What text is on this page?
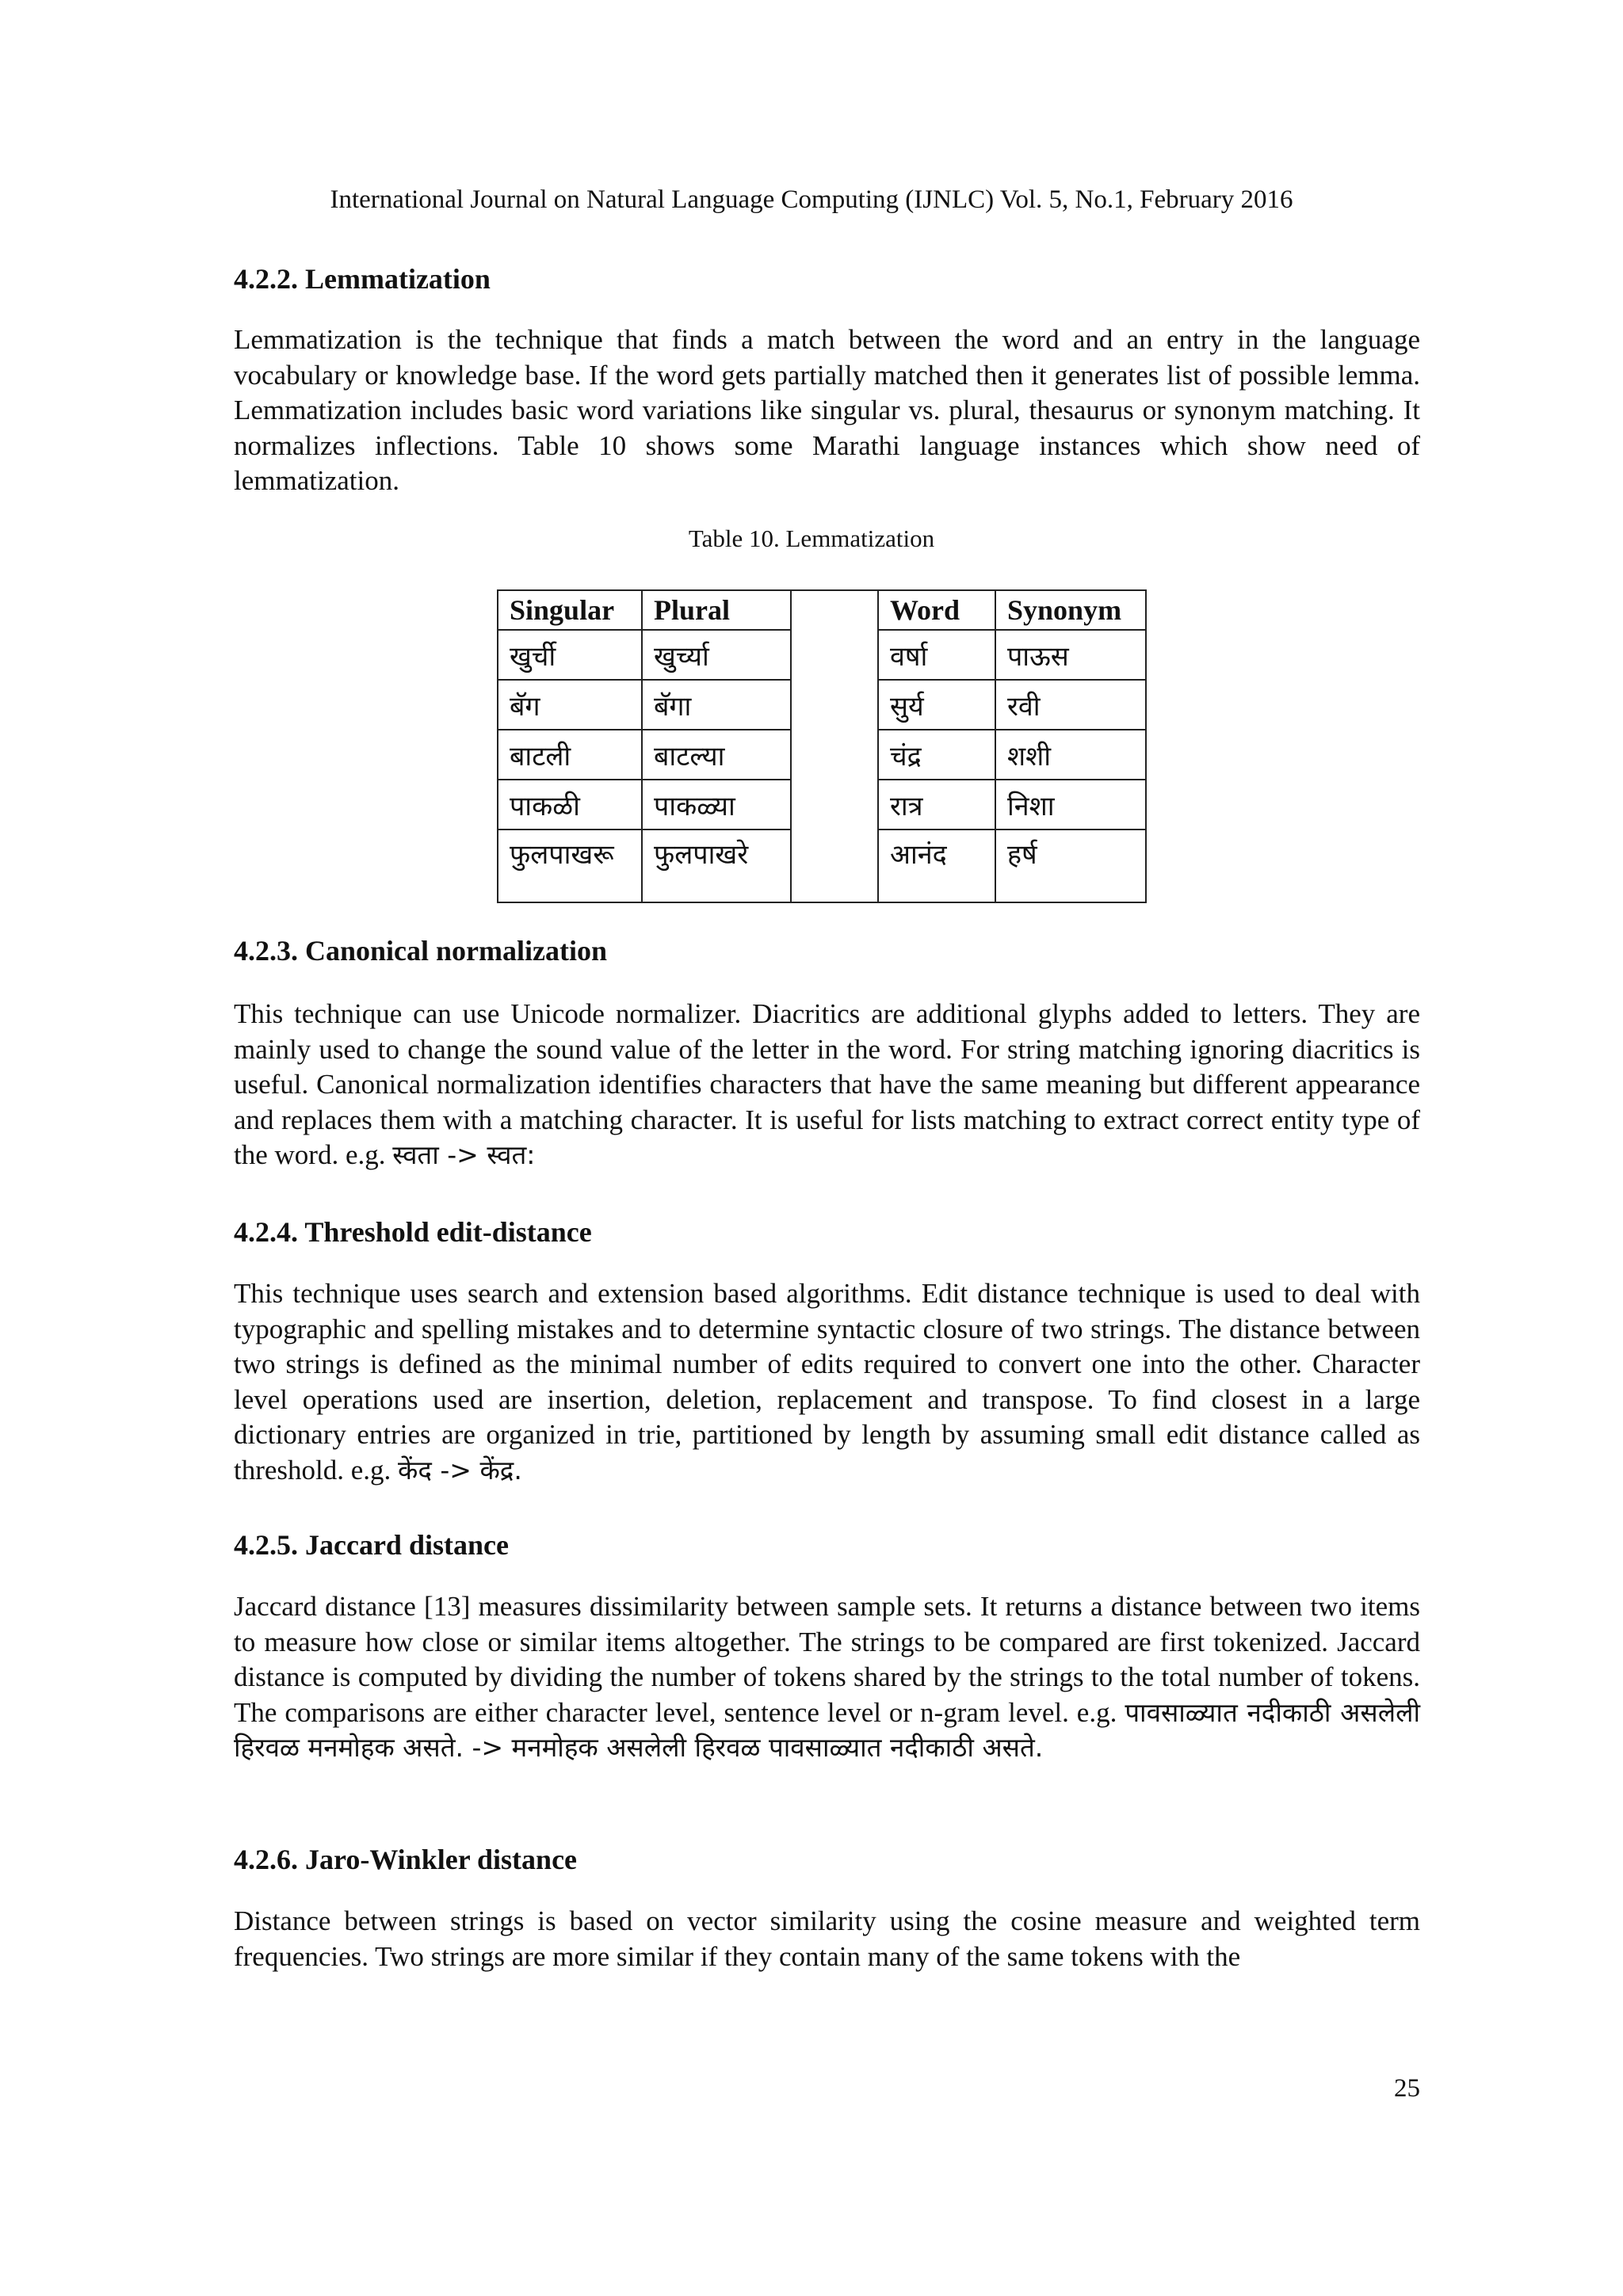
International Journal on Natural Language Computing (IJNLC) Vol. 5, No.1, February 2016

4.2.2. Lemmatization

Lemmatization is the technique that finds a match between the word and an entry in the language vocabulary or knowledge base. If the word gets partially matched then it generates list of possible lemma. Lemmatization includes basic word variations like singular vs. plural, thesaurus or synonym matching. It normalizes inflections. Table 10 shows some Marathi language instances which show need of lemmatization.

Table 10. Lemmatization
Singular	Plural		Word	Synonym
खुर्ची	खुर्च्या		वर्षा	पाऊस
बॅग	बॅगा		सुर्य	रवी
बाटली	बाटल्या		चंद्र	शशी
पाकळी	पाकळ्या		रात्र	निशा
फुलपाखरू	फुलपाखरे		आनंद	हर्ष

4.2.3. Canonical normalization

This technique can use Unicode normalizer. Diacritics are additional glyphs added to letters. They are mainly used to change the sound value of the letter in the word. For string matching ignoring diacritics is useful. Canonical normalization identifies characters that have the same meaning but different appearance and replaces them with a matching character. It is useful for lists matching to extract correct entity type of the word. e.g. स्वता -> स्वत:

4.2.4. Threshold edit-distance

This technique uses search and extension based algorithms. Edit distance technique is used to deal with typographic and spelling mistakes and to determine syntactic closure of two strings. The distance between two strings is defined as the minimal number of edits required to convert one into the other. Character level operations used are insertion, deletion, replacement and transpose. To find closest in a large dictionary entries are organized in trie, partitioned by length by assuming small edit distance called as threshold. e.g. केंद -> केंद्र.

4.2.5. Jaccard distance

Jaccard distance [13] measures dissimilarity between sample sets. It returns a distance between two items to measure how close or similar items altogether. The strings to be compared are first tokenized. Jaccard distance is computed by dividing the number of tokens shared by the strings to the total number of tokens. The comparisons are either character level, sentence level or n-gram level. e.g. पावसाळ्यात नदीकाठी असलेली हिरवळ मनमोहक असते. -> मनमोहक असलेली हिरवळ पावसाळ्यात नदीकाठी असते.

4.2.6. Jaro-Winkler distance

Distance between strings is based on vector similarity using the cosine measure and weighted term frequencies. Two strings are more similar if they contain many of the same tokens with the

25
